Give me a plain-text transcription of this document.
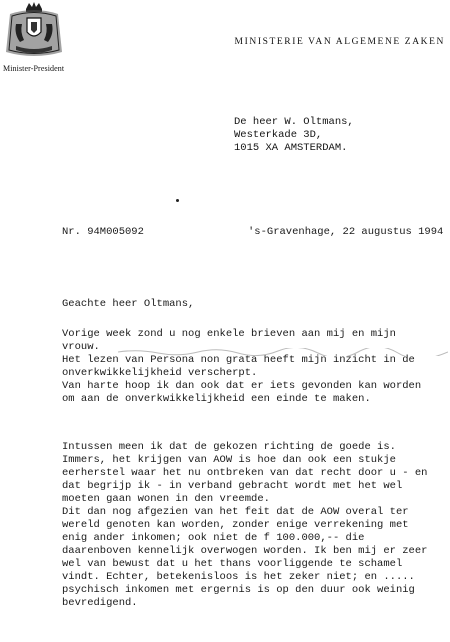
Minister-President
MINISTERIE VAN ALGEMENE ZAKEN
De heer W. Oltmans,
Westerkade 3D,
1015 XA AMSTERDAM.
Nr. 94M005092	's-Gravenhage, 22 augustus 1994
Geachte heer Oltmans,
Vorige week zond u nog enkele brieven aan mij en mijn
vrouw.
Het lezen van Persona non grata heeft mijn inzicht in de
onverkwikkelijkheid verscherpt.
Van harte hoop ik dan ook dat er iets gevonden kan worden
om aan de onverkwikkelijkheid een einde te maken.
Intussen meen ik dat de gekozen richting de goede is.
Immers, het krijgen van AOW is hoe dan ook een stukje
eerherstel waar het nu ontbreken van dat recht door u - en
dat begrijp ik - in verband gebracht wordt met het wel
moeten gaan wonen in den vreemde.
Dit dan nog afgezien van het feit dat de AOW overal ter
wereld genoten kan worden, zonder enige verrekening met
enig ander inkomen; ook niet de f 100.000,-- die
daarenboven kennelijk overwogen worden. Ik ben mij er zeer
wel van bewust dat u het thans voorliggende te schamel
vindt. Echter, betekenisloos is het zeker niet; en .....
psychisch inkomen met ergernis is op den duur ook weinig
bevredigend.
